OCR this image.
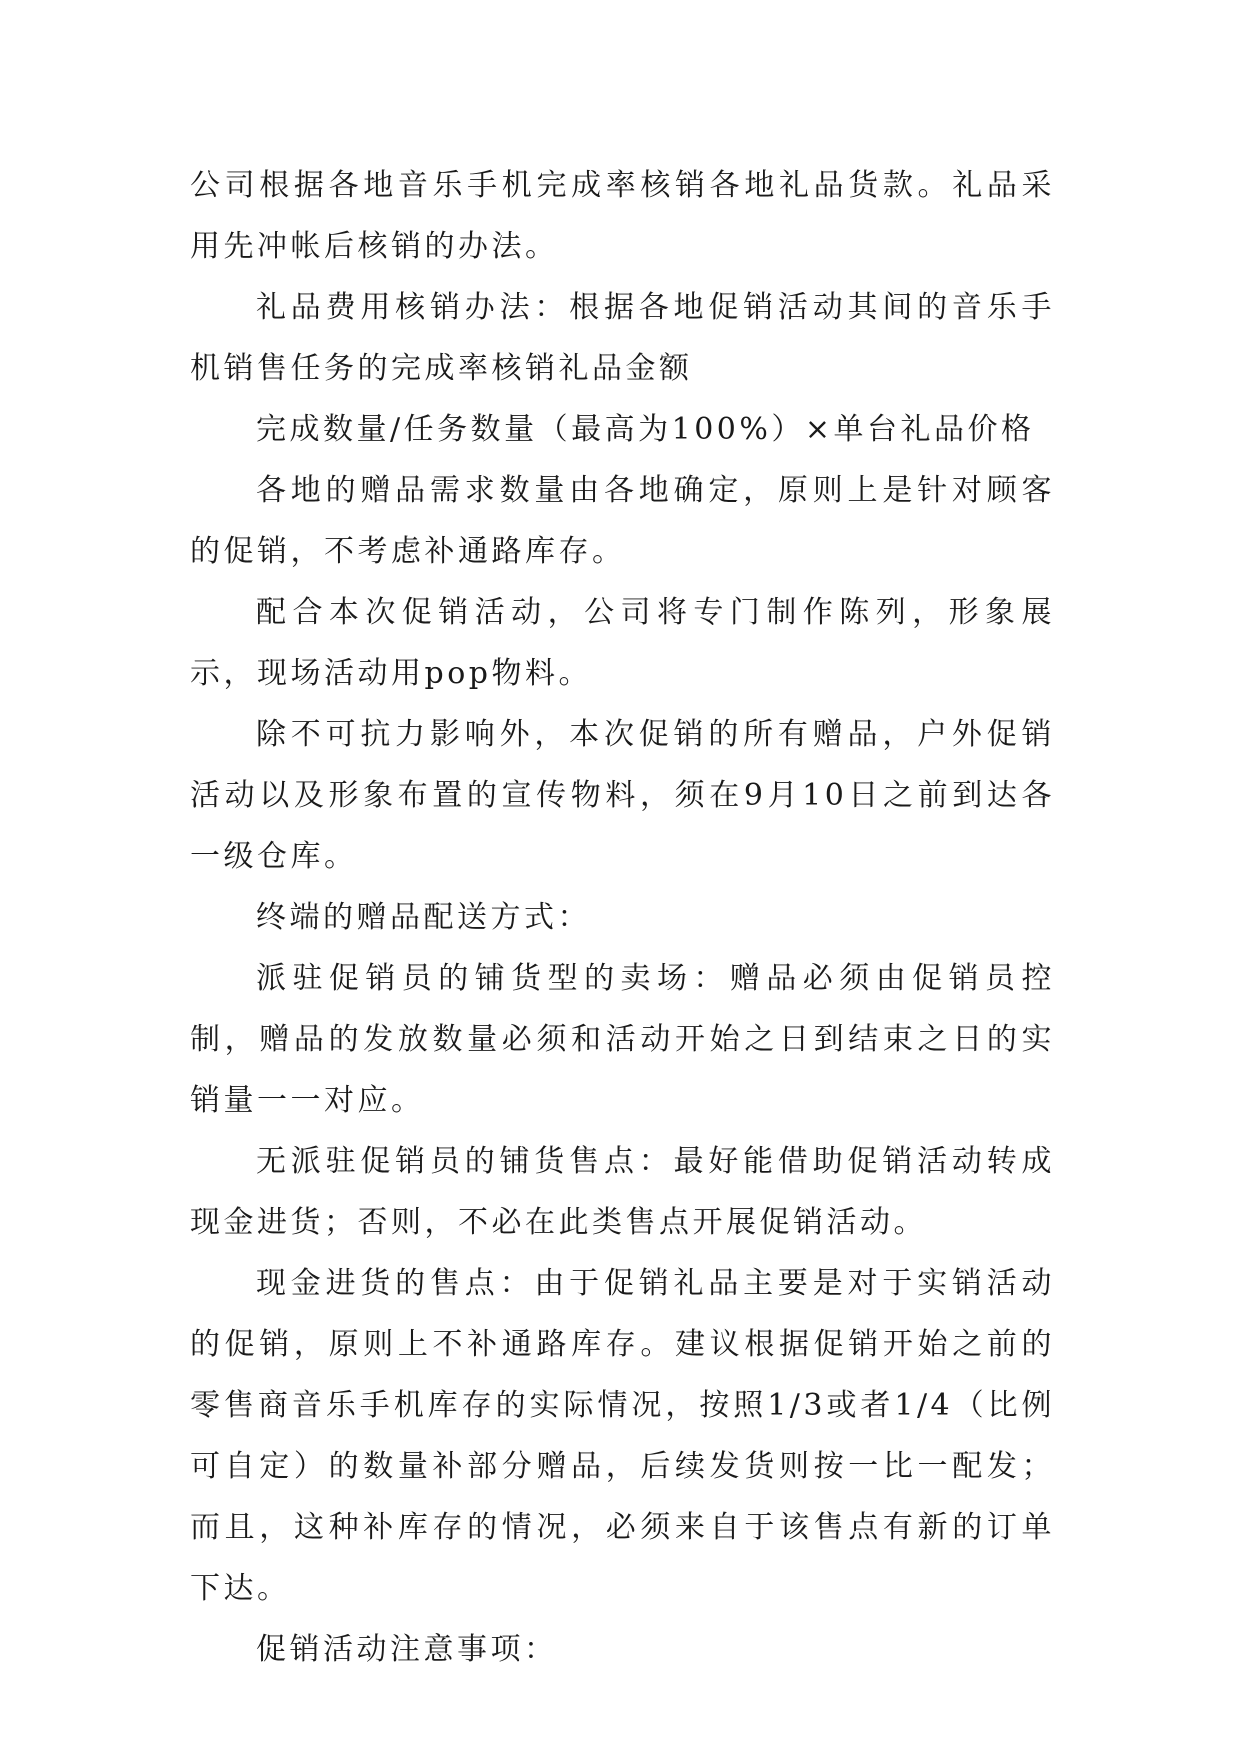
公司根据各地音乐手机完成率核销各地礼品货款。礼品采用先冲帐后核销的办法。

礼品费用核销办法：根据各地促销活动其间的音乐手机销售任务的完成率核销礼品金额

完成数量/任务数量（最高为100%）×单台礼品价格

各地的赠品需求数量由各地确定，原则上是针对顾客的促销，不考虑补通路库存。

配合本次促销活动，公司将专门制作陈列，形象展示，现场活动用pop物料。

除不可抗力影响外，本次促销的所有赠品，户外促销活动以及形象布置的宣传物料，须在9月10日之前到达各一级仓库。

终端的赠品配送方式：

派驻促销员的铺货型的卖场：赠品必须由促销员控制，赠品的发放数量必须和活动开始之日到结束之日的实销量一一对应。

无派驻促销员的铺货售点：最好能借助促销活动转成现金进货；否则，不必在此类售点开展促销活动。

现金进货的售点：由于促销礼品主要是对于实销活动的促销，原则上不补通路库存。建议根据促销开始之前的零售商音乐手机库存的实际情况，按照1/3或者1/4（比例可自定）的数量补部分赠品，后续发货则按一比一配发；而且，这种补库存的情况，必须来自于该售点有新的订单下达。

促销活动注意事项：
